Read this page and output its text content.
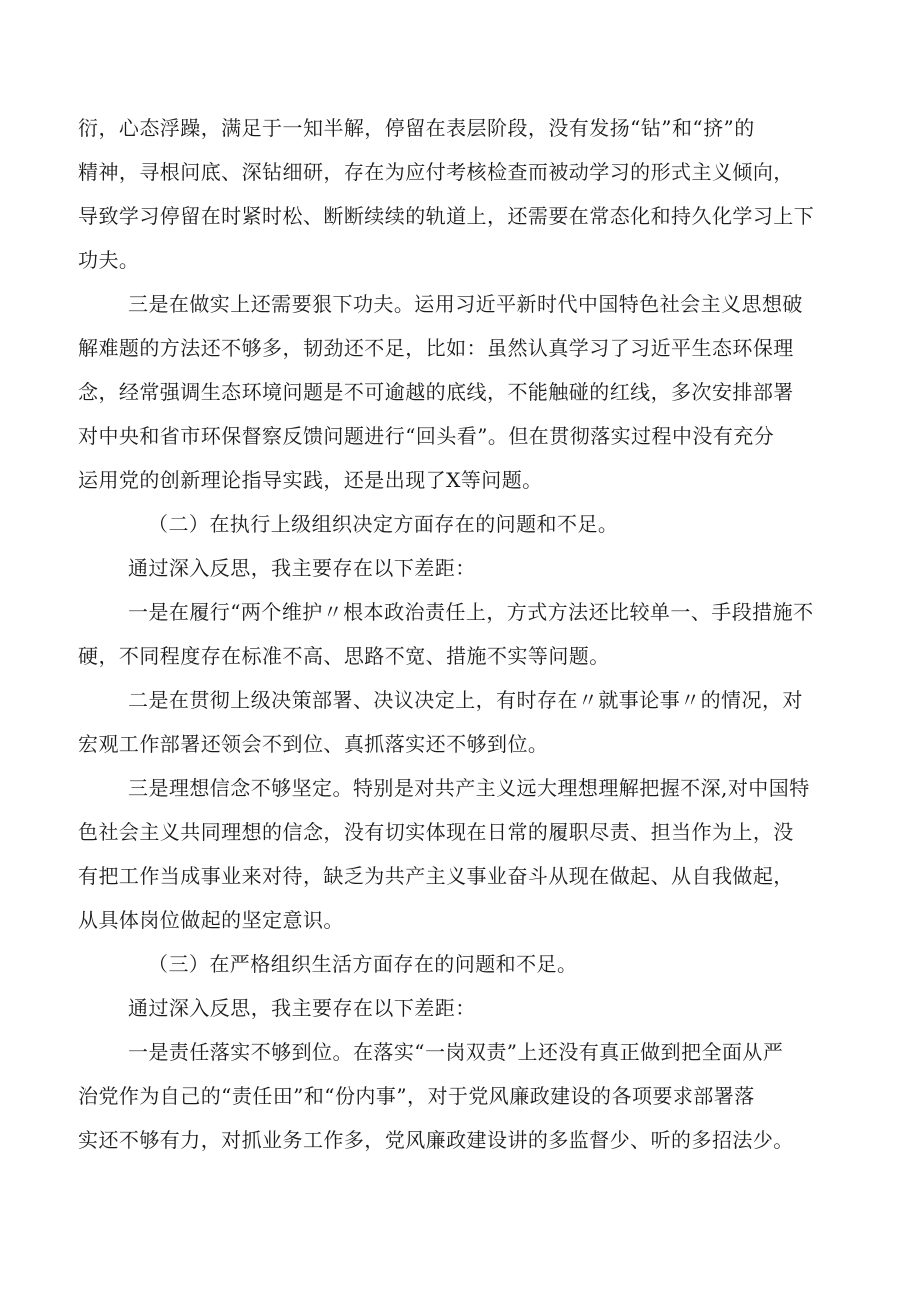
衍，心态浮躁，满足于一知半解，停留在表层阶段，没有发扬“钻”和“挤”的
精神，寻根问底、深钻细研，存在为应付考核检查而被动学习的形式主义倾向，
导致学习停留在时紧时松、断断续续的轨道上，还需要在常态化和持久化学习上下
功夫。
三是在做实上还需要狠下功夫。运用习近平新时代中国特色社会主义思想破
解难题的方法还不够多，韧劲还不足，比如：虽然认真学习了习近平生态环保理
念，经常强调生态环境问题是不可逾越的底线，不能触碰的红线，多次安排部署
对中央和省市环保督察反馈问题进行“回头看”。但在贯彻落实过程中没有充分
运用党的创新理论指导实践，还是出现了X等问题。
（二）在执行上级组织决定方面存在的问题和不足。
通过深入反思，我主要存在以下差距：
一是在履行“两个维护〃根本政治责任上，方式方法还比较单一、手段措施不
硬，不同程度存在标准不高、思路不宽、措施不实等问题。
二是在贯彻上级决策部署、决议决定上，有时存在〃就事论事〃的情况，对
宏观工作部署还领会不到位、真抓落实还不够到位。
三是理想信念不够坚定。特别是对共产主义远大理想理解把握不深,对中国特
色社会主义共同理想的信念，没有切实体现在日常的履职尽责、担当作为上，没
有把工作当成事业来对待，缺乏为共产主义事业奋斗从现在做起、从自我做起，
从具体岗位做起的坚定意识。
（三）在严格组织生活方面存在的问题和不足。
通过深入反思，我主要存在以下差距：
一是责任落实不够到位。在落实“一岗双责”上还没有真正做到把全面从严
治党作为自己的“责任田”和“份内事”，对于党风廉政建设的各项要求部署落
实还不够有力，对抓业务工作多，党风廉政建设讲的多监督少、听的多招法少。
